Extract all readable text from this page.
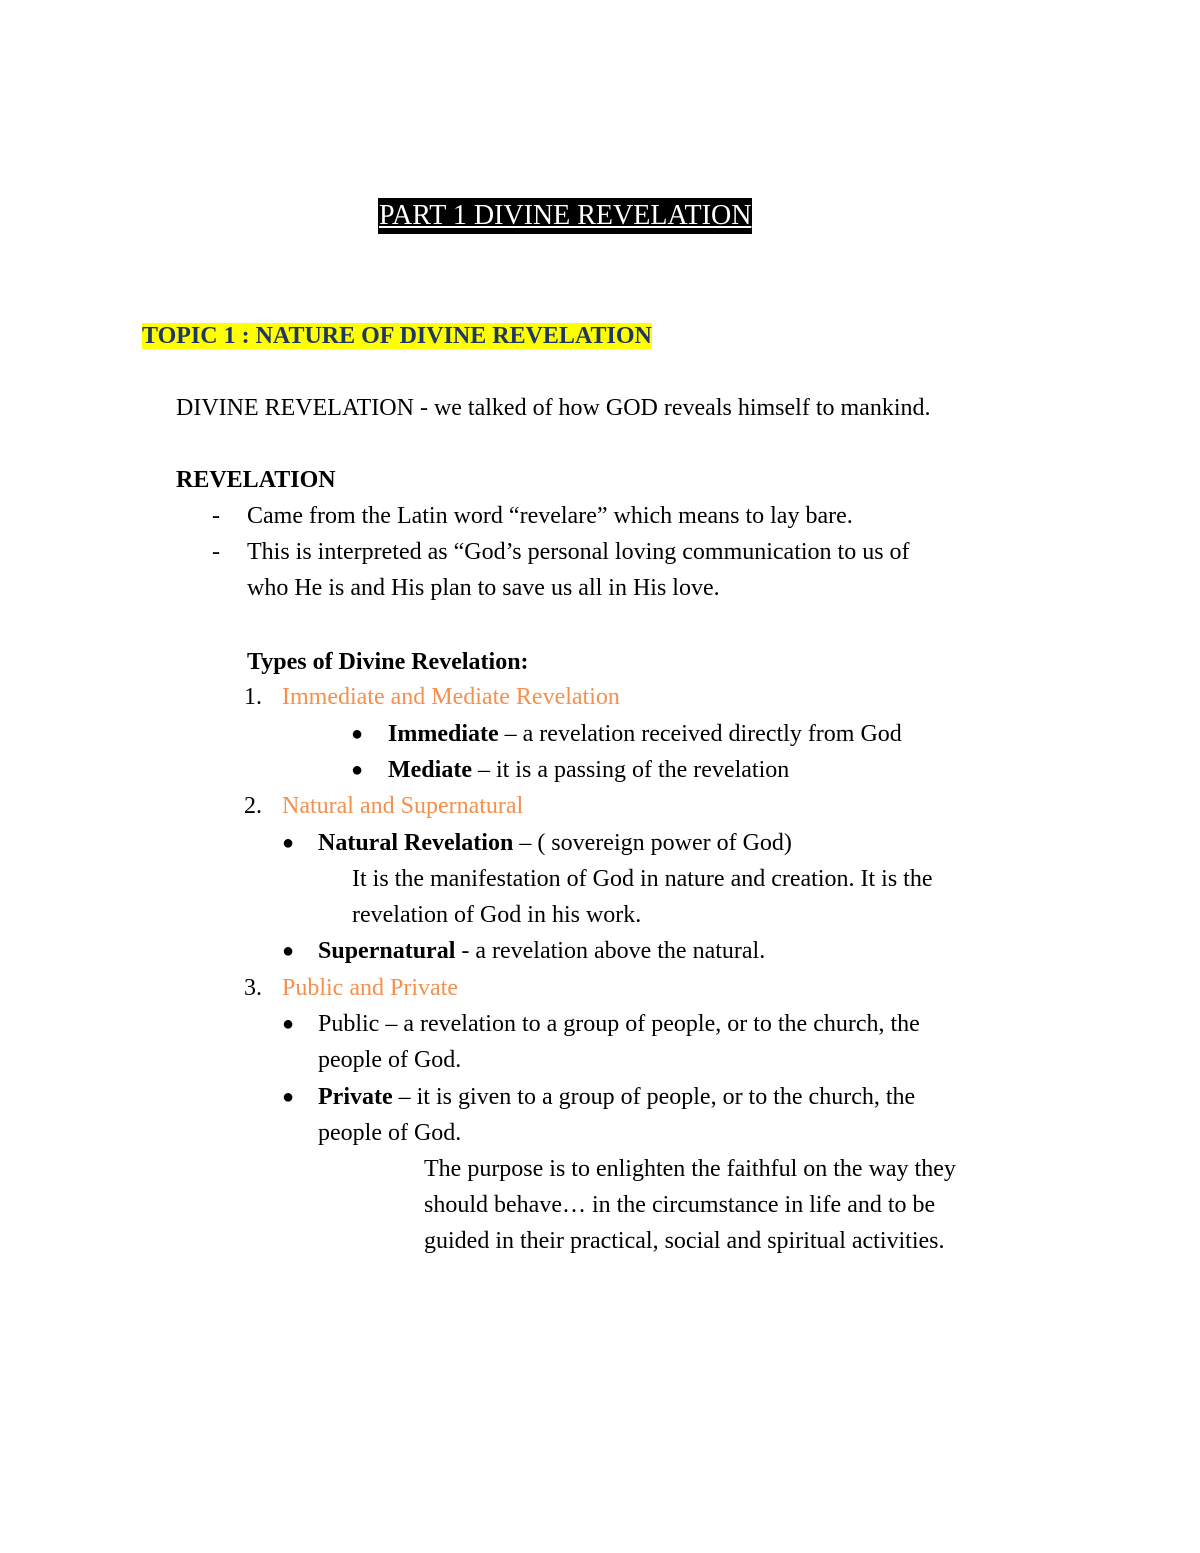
PART 1 DIVINE REVELATION
TOPIC 1 : NATURE OF DIVINE REVELATION
DIVINE REVELATION - we talked of how GOD reveals himself to mankind.
REVELATION
- Came from the Latin word “revelare” which means to lay bare.
- This is interpreted as “God’s personal loving communication to us of
who He is and His plan to save us all in His love.
Types of Divine Revelation:
1. Immediate and Mediate Revelation
● Immediate – a revelation received directly from God
● Mediate – it is a passing of the revelation
2. Natural and Supernatural
● Natural Revelation – ( sovereign power of God)
It is the manifestation of God in nature and creation. It is the
revelation of God in his work.
● Supernatural - a revelation above the natural.
3. Public and Private
● Public – a revelation to a group of people, or to the church, the
people of God.
● Private – it is given to a group of people, or to the church, the
people of God.
The purpose is to enlighten the faithful on the way they
should behave… in the circumstance in life and to be
guided in their practical, social and spiritual activities.
